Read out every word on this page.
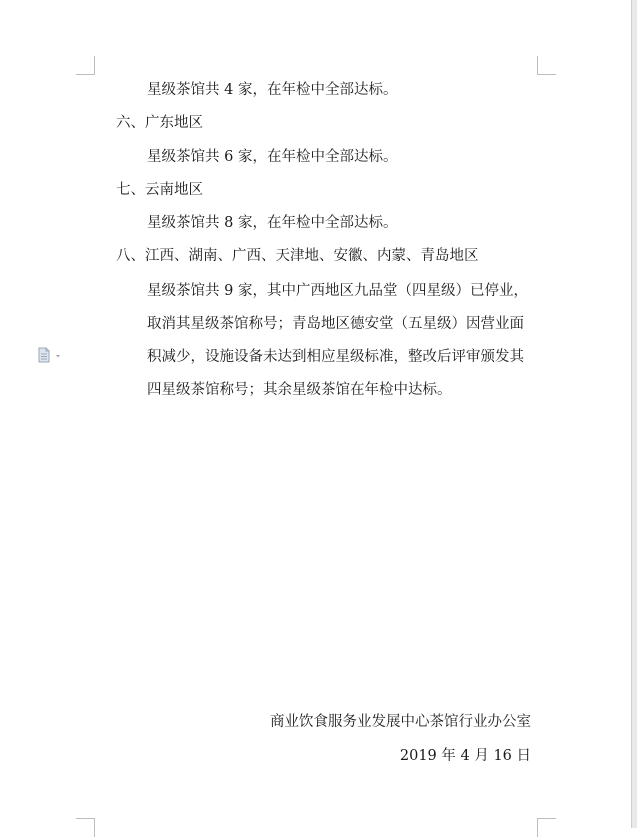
星级茶馆共 4 家，在年检中全部达标。
六、广东地区
星级茶馆共 6 家，在年检中全部达标。
七、云南地区
星级茶馆共 8 家，在年检中全部达标。
八、江西、湖南、广西、天津地、安徽、内蒙、青岛地区
星级茶馆共 9 家，其中广西地区九品堂（四星级）已停业，
取消其星级茶馆称号；青岛地区德安堂（五星级）因营业面
积减少，设施设备未达到相应星级标准，整改后评审颁发其
四星级茶馆称号；其余星级茶馆在年检中达标。
商业饮食服务业发展中心茶馆行业办公室
2019 年 4 月 16 日
